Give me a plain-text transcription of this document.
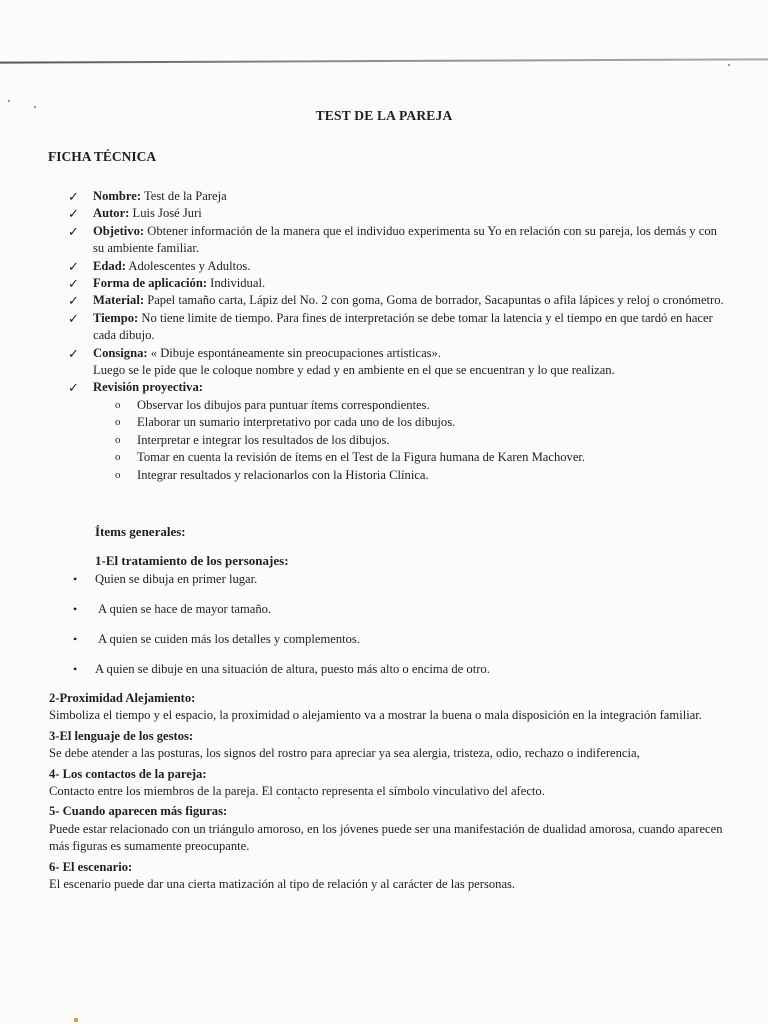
TEST DE LA PAREJA
FICHA TÉCNICA
✓ Nombre: Test de la Pareja
✓ Autor: Luis José Juri
✓ Objetivo: Obtener información de la manera que el individuo experimenta su Yo en relación con su pareja, los demás y con su ambiente familiar.
✓ Edad: Adolescentes y Adultos.
✓ Forma de aplicación: Individual.
✓ Material: Papel tamaño carta, Lápiz del No. 2 con goma, Goma de borrador, Sacapuntas o afila lápices y reloj o cronómetro.
✓ Tiempo: No tiene limite de tiempo. Para fines de interpretación se debe tomar la latencia y el tiempo en que tardó en hacer cada dibujo.
✓ Consigna: « Dibuje espontáneamente sin preocupaciones artisticas».
Luego se le pide que le coloque nombre y edad y en ambiente en el que se encuentran y lo que realizan.
✓ Revisión proyectiva:
o Observar los dibujos para puntuar ítems correspondientes.
o Elaborar un sumario interpretativo por cada uno de los dibujos.
o Interpretar e integrar los resultados de los dibujos.
o Tomar en cuenta la revisión de ítems en el Test de la Figura humana de Karen Machover.
o Integrar resultados y relacionarlos con la Historia Clínica.
Ítems generales:
1-El tratamiento de los personajes:
• Quien se dibuja en primer lugar.
• A quien se hace de mayor tamaño.
• A quien se cuiden más los detalles y complementos.
• A quien se dibuje en una situación de altura, puesto más alto o encima de otro.

2-Proximidad Alejamiento:

Simboliza el tiempo y el espacio, la proximidad o alejamiento va a mostrar la buena o mala disposición en la integración familiar.

3-El lenguaje de los gestos:

Se debe atender a las posturas, los signos del rostro para apreciar ya sea alergia, tristeza, odio, rechazo o indiferencia,

4- Los contactos de la pareja:

Contacto entre los miembros de la pareja. El contacto representa el símbolo vinculativo del afecto.

5- Cuando aparecen más figuras:

Puede estar relacionado con un triángulo amoroso, en los jóvenes puede ser una manifestación de dualidad amorosa, cuando aparecen más figuras es sumamente preocupante.

6- El escenario:

El escenario puede dar una cierta matización al tipo de relación y al carácter de las personas.
